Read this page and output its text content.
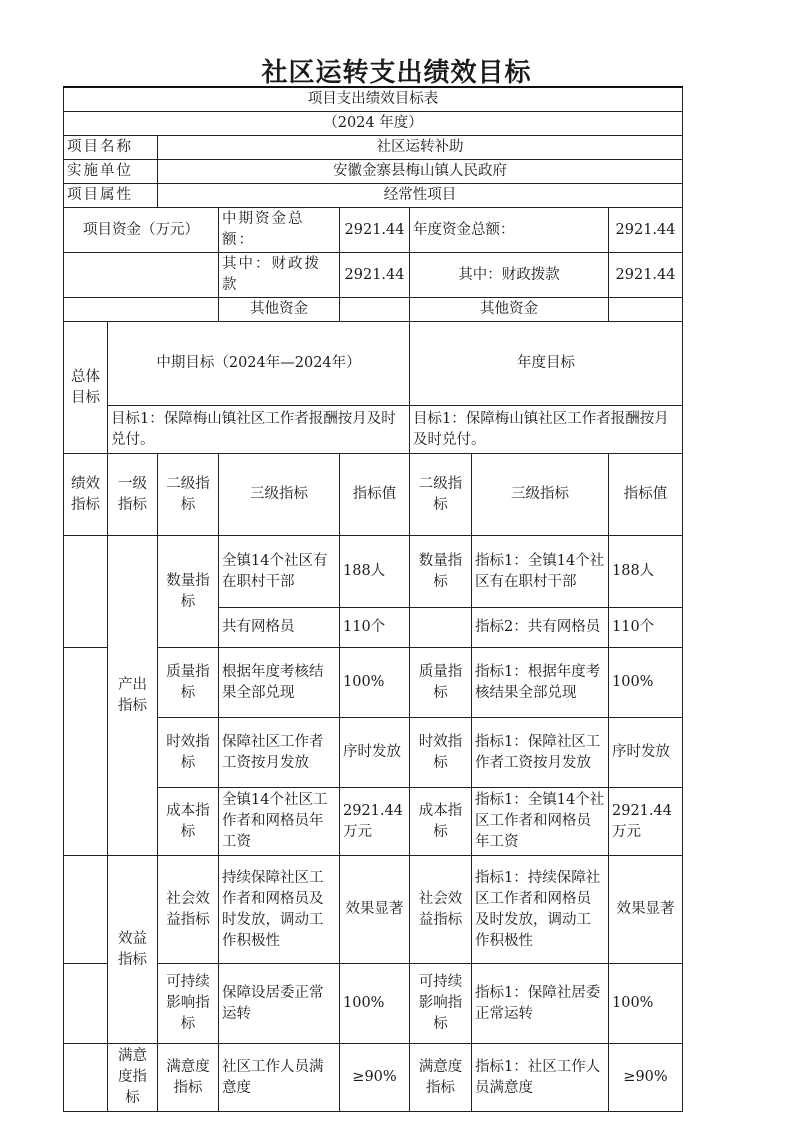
社区运转支出绩效目标
项目支出绩效目标表							
（2024 年度）							
项目名称		社区运转补助					
实施单位		安徽金寨县梅山镇人民政府					
项目属性		经常性项目					
项目资金（万元）			中期资金总额：	2921.44	年度资金总额：		2921.44
			其中：财政拨款	2921.44	其中：财政拨款		2921.44
			其他资金		其他资金		
总体目标	中期目标（2024年—2024年）				年度目标		
	目标1：保障梅山镇社区工作者报酬按月及时兑付。				目标1：保障梅山镇社区工作者报酬按月及时兑付。		
绩效指标	一级指标	二级指标	三级指标	指标值	二级指标	三级指标	指标值
	产出指标	数量指标	全镇14个社区有在职村干部	188人	数量指标	指标1：全镇14个社区有在职村干部	188人
			共有网格员	110个		指标2：共有网格员	110个
		质量指标	根据年度考核结果全部兑现	100%	质量指标	指标1：根据年度考核结果全部兑现	100%
		时效指标	保障社区工作者工资按月发放	序时发放	时效指标	指标1：保障社区工作者工资按月发放	序时发放
		成本指标	全镇14个社区工作者和网格员年工资	2921.44万元	成本指标	指标1：全镇14个社区工作者和网格员年工资	2921.44万元
	效益指标	社会效益指标	持续保障社区工作者和网格员及时发放，调动工作积极性	效果显著	社会效益指标	指标1：持续保障社区工作者和网格员及时发放，调动工作积极性	效果显著
		可持续影响指标	保障设居委正常运转	100%	可持续影响指标	指标1：保障社居委正常运转	100%
	满意度指标	满意度指标	社区工作人员满意度	≥90%	满意度指标	指标1：社区工作人员满意度	≥90%
